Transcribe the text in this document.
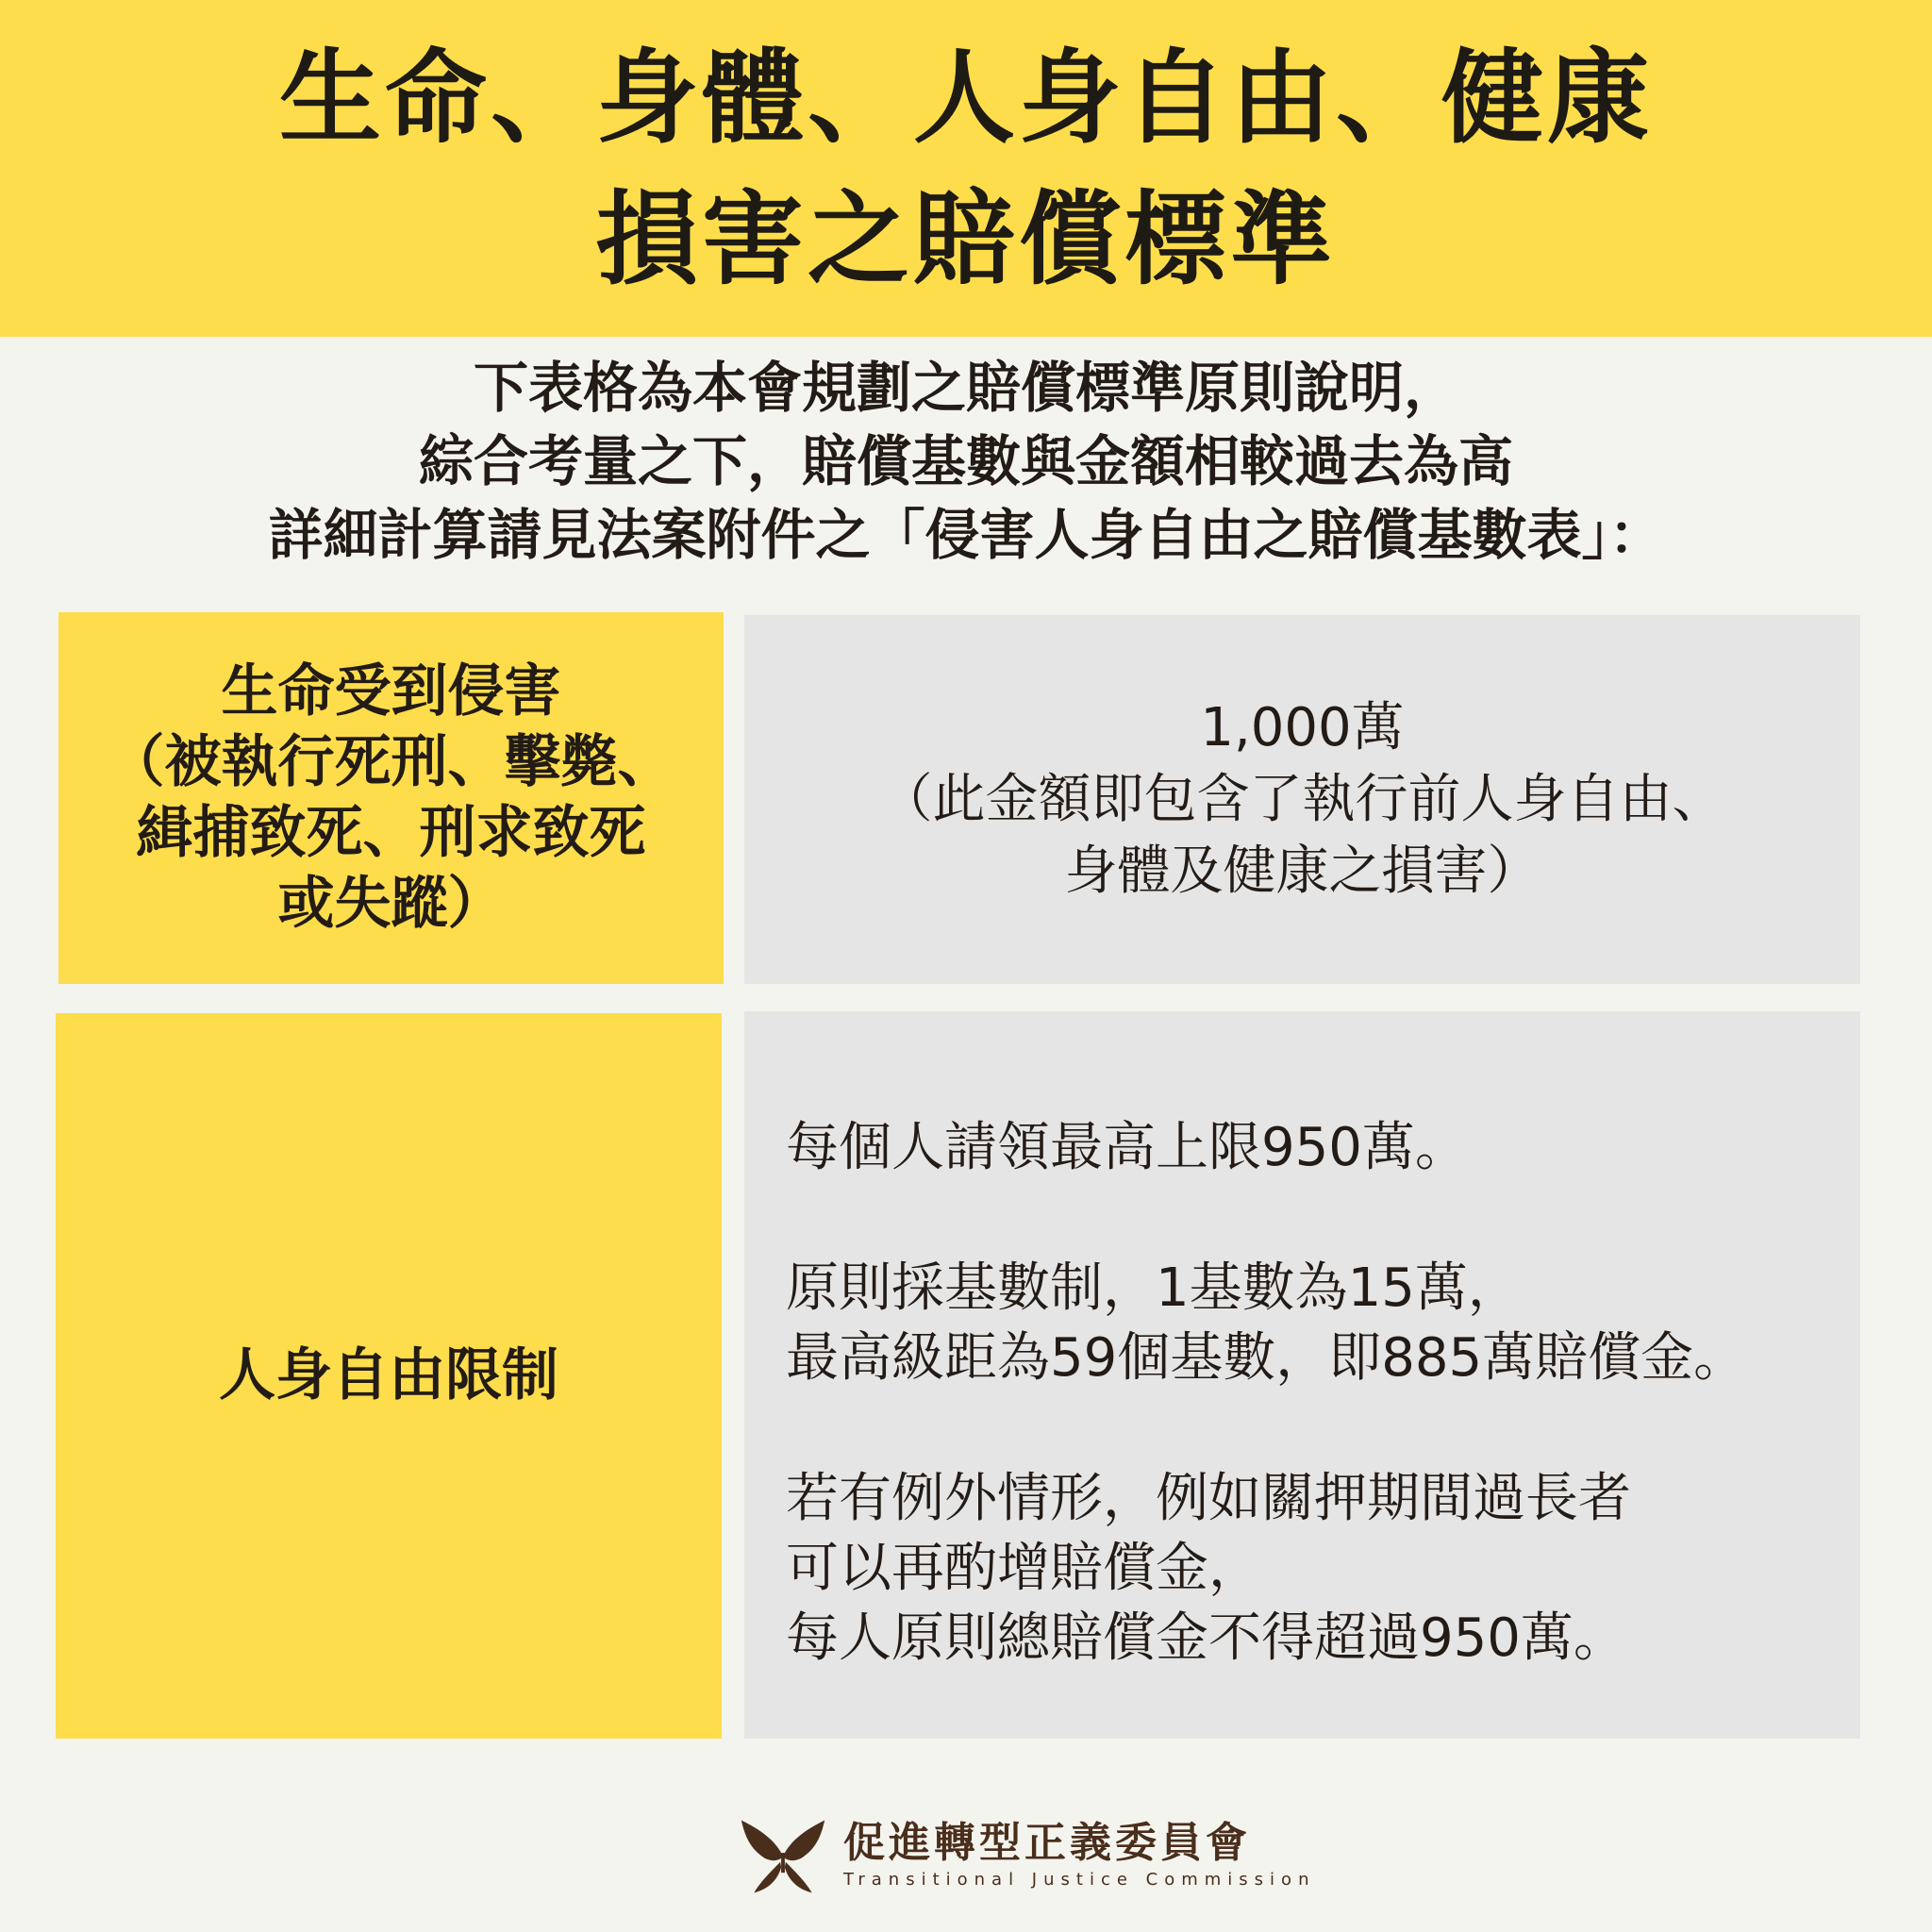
生命、身體、人身自由、健康
損害之賠償標準
下表格為本會規劃之賠償標準原則說明，
綜合考量之下，賠償基數與金額相較過去為高
詳細計算請見法案附件之「侵害人身自由之賠償基數表」：
生命受到侵害
（被執行死刑、擊斃、
緝捕致死、刑求致死
或失蹤）
1,000萬
（此金額即包含了執行前人身自由、
身體及健康之損害）
人身自由限制
每個人請領最高上限950萬。
原則採基數制，1基數為15萬，
最高級距為59個基數，即885萬賠償金。
若有例外情形，例如關押期間過長者
可以再酌增賠償金，
每人原則總賠償金不得超過950萬。
促進轉型正義委員會
Transitional Justice Commission
